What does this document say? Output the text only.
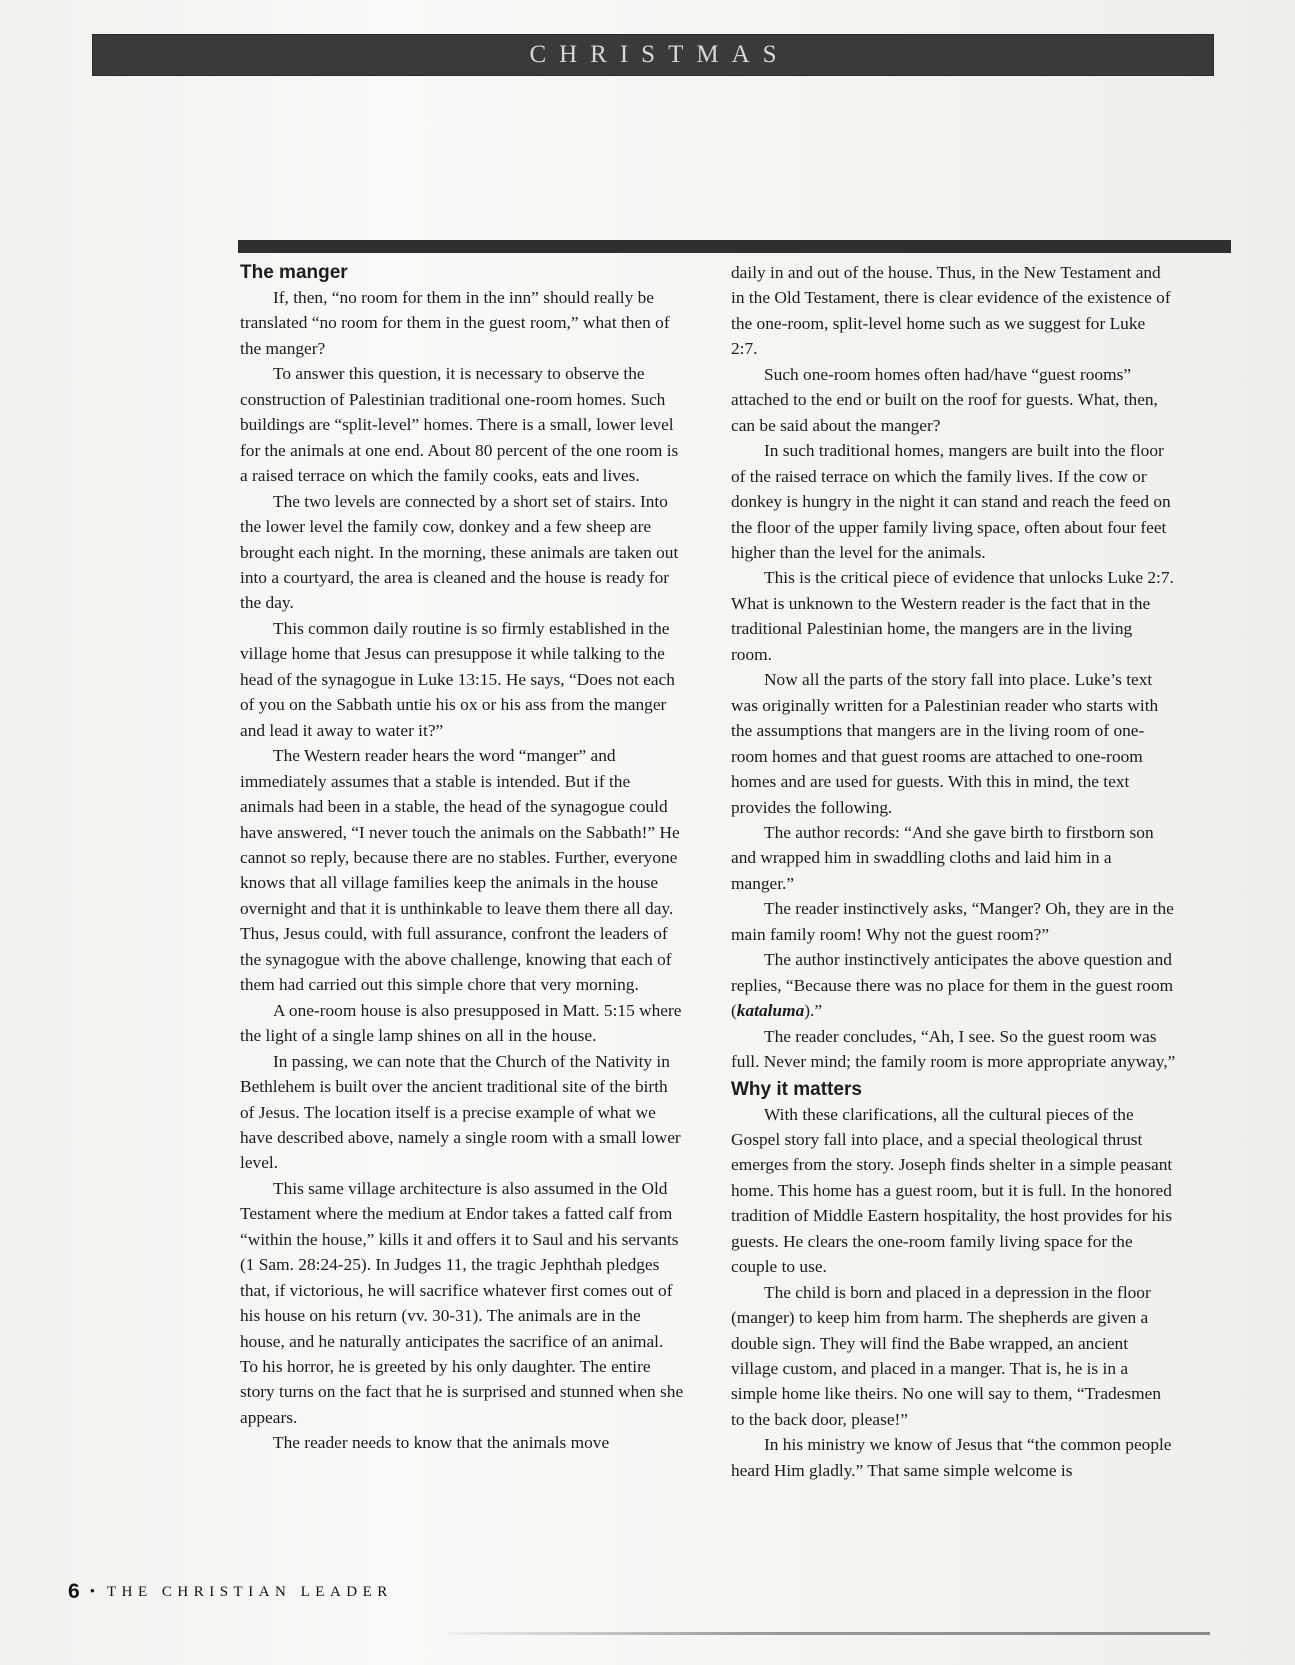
CHRISTMAS
The manger

If, then, “no room for them in the inn” should really be translated “no room for them in the guest room,” what then of the manger?

To answer this question, it is necessary to observe the construction of Palestinian traditional one-room homes. Such buildings are “split-level” homes. There is a small, lower level for the animals at one end. About 80 percent of the one room is a raised terrace on which the family cooks, eats and lives.

The two levels are connected by a short set of stairs. Into the lower level the family cow, donkey and a few sheep are brought each night. In the morning, these animals are taken out into a courtyard, the area is cleaned and the house is ready for the day.

This common daily routine is so firmly established in the village home that Jesus can presuppose it while talking to the head of the synagogue in Luke 13:15. He says, “Does not each of you on the Sabbath untie his ox or his ass from the manger and lead it away to water it?”

The Western reader hears the word “manger” and immediately assumes that a stable is intended. But if the animals had been in a stable, the head of the synagogue could have answered, “I never touch the animals on the Sabbath!” He cannot so reply, because there are no stables. Further, everyone knows that all village families keep the animals in the house overnight and that it is unthinkable to leave them there all day. Thus, Jesus could, with full assurance, confront the leaders of the synagogue with the above challenge, knowing that each of them had carried out this simple chore that very morning.

A one-room house is also presupposed in Matt. 5:15 where the light of a single lamp shines on all in the house.

In passing, we can note that the Church of the Nativity in Bethlehem is built over the ancient traditional site of the birth of Jesus. The location itself is a precise example of what we have described above, namely a single room with a small lower level.

This same village architecture is also assumed in the Old Testament where the medium at Endor takes a fatted calf from “within the house,” kills it and offers it to Saul and his servants (1 Sam. 28:24-25). In Judges 11, the tragic Jephthah pledges that, if victorious, he will sacrifice whatever first comes out of his house on his return (vv. 30-31). The animals are in the house, and he naturally anticipates the sacrifice of an animal. To his horror, he is greeted by his only daughter. The entire story turns on the fact that he is surprised and stunned when she appears.

The reader needs to know that the animals move

daily in and out of the house. Thus, in the New Testament and in the Old Testament, there is clear evidence of the existence of the one-room, split-level home such as we suggest for Luke 2:7.

Such one-room homes often had/have “guest rooms” attached to the end or built on the roof for guests. What, then, can be said about the manger?

In such traditional homes, mangers are built into the floor of the raised terrace on which the family lives. If the cow or donkey is hungry in the night it can stand and reach the feed on the floor of the upper family living space, often about four feet higher than the level for the animals.

This is the critical piece of evidence that unlocks Luke 2:7. What is unknown to the Western reader is the fact that in the traditional Palestinian home, the mangers are in the living room.

Now all the parts of the story fall into place. Luke’s text was originally written for a Palestinian reader who starts with the assumptions that mangers are in the living room of one-room homes and that guest rooms are attached to one-room homes and are used for guests. With this in mind, the text provides the following.

The author records: “And she gave birth to firstborn son and wrapped him in swaddling cloths and laid him in a manger.”

The reader instinctively asks, “Manger? Oh, they are in the main family room! Why not the guest room?”

The author instinctively anticipates the above question and replies, “Because there was no place for them in the guest room (kataluma).”

The reader concludes, “Ah, I see. So the guest room was full. Never mind; the family room is more appropriate anyway,”

Why it matters

With these clarifications, all the cultural pieces of the Gospel story fall into place, and a special theological thrust emerges from the story. Joseph finds shelter in a simple peasant home. This home has a guest room, but it is full. In the honored tradition of Middle Eastern hospitality, the host provides for his guests. He clears the one-room family living space for the couple to use.

The child is born and placed in a depression in the floor (manger) to keep him from harm. The shepherds are given a double sign. They will find the Babe wrapped, an ancient village custom, and placed in a manger. That is, he is in a simple home like theirs. No one will say to them, “Tradesmen to the back door, please!”

In his ministry we know of Jesus that “the common people heard Him gladly.” That same simple welcome is

6 • THE CHRISTIAN LEADER
